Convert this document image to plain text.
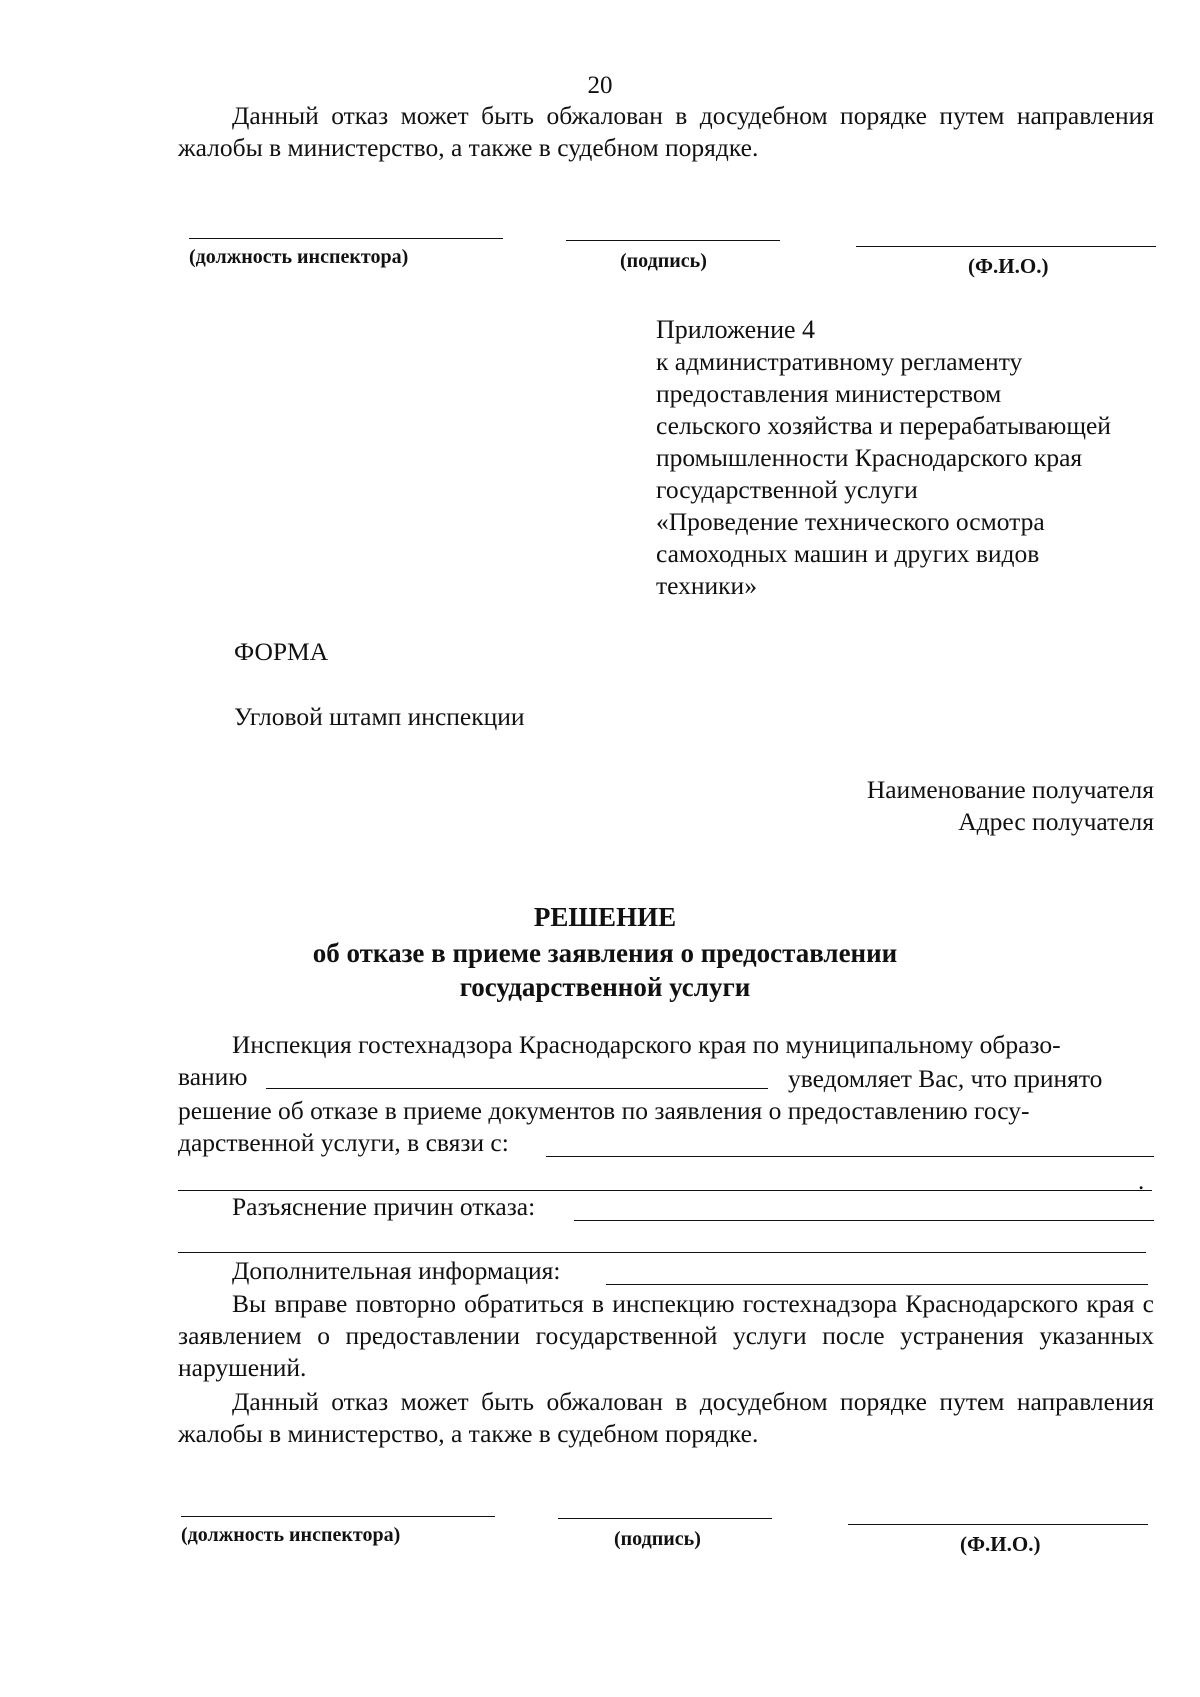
20
Данный отказ может быть обжалован в досудебном порядке путем направления жалобы в министерство, а также в судебном порядке.
(должность инспектора)	(подпись)	(Ф.И.О.)
Приложение 4
к административному регламенту
предоставления министерством
сельского хозяйства и перерабатывающей
промышленности Краснодарского края
государственной услуги
«Проведение технического осмотра
самоходных машин и других видов
техники»
ФОРМА
Угловой штамп инспекции
Наименование получателя
Адрес получателя
РЕШЕНИЕ
об отказе в приеме заявления о предоставлении
государственной услуги
Инспекция гостехнадзора Краснодарского края по муниципальному образо-
ванию	уведомляет Вас, что принято
решение об отказе в приеме документов по заявления о предоставлению госу-
дарственной услуги, в связи с:
.
Разъяснение причин отказа:
Дополнительная информация:
Вы вправе повторно обратиться в инспекцию гостехнадзора Краснодарского края с заявлением о предоставлении государственной услуги после устранения указанных нарушений.
Данный отказ может быть обжалован в досудебном порядке путем направления жалобы в министерство, а также в судебном порядке.
(должность инспектора)	(подпись)	(Ф.И.О.)
